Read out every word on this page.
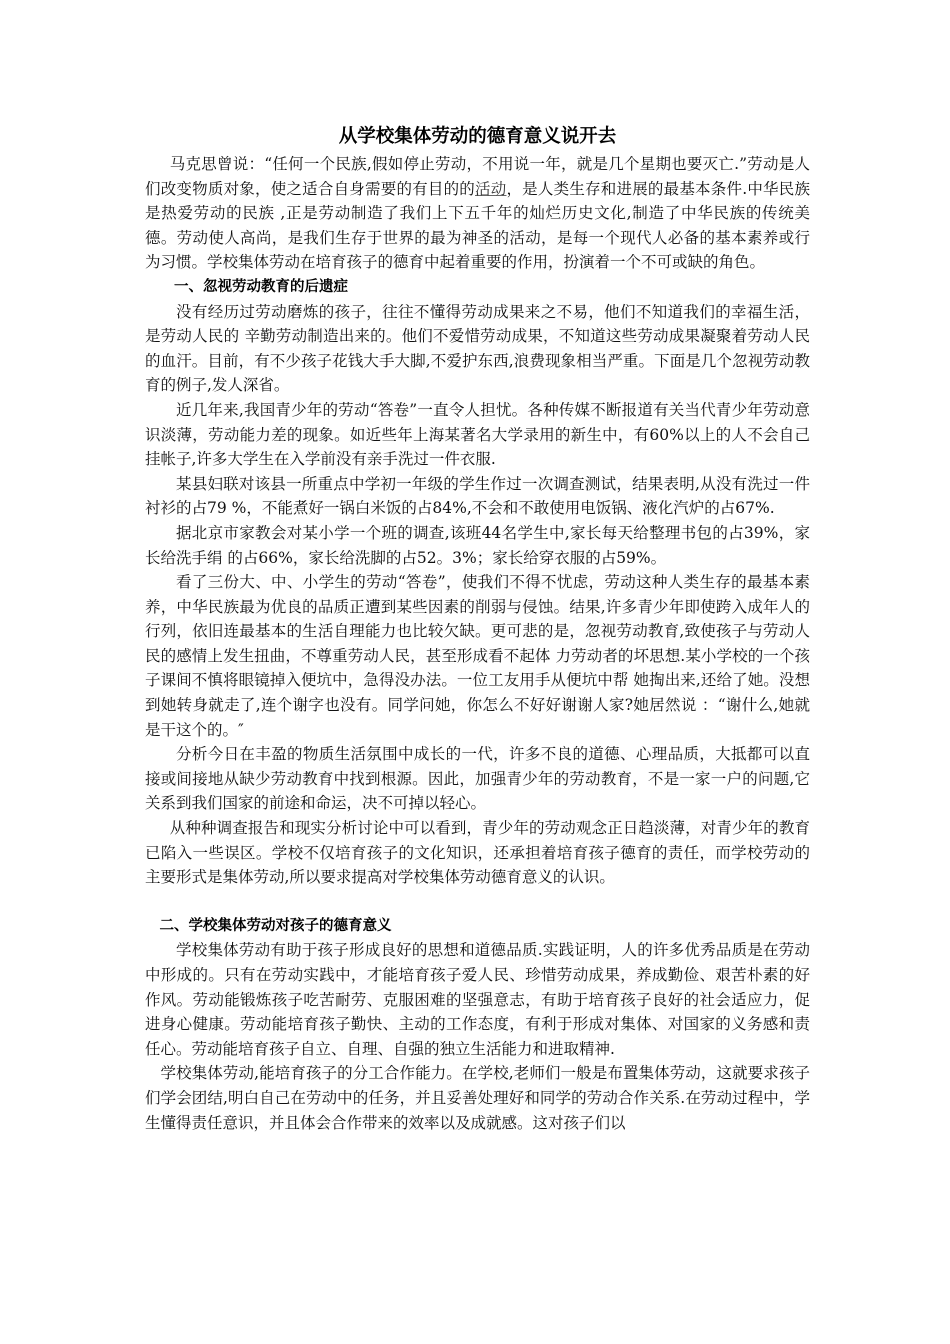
从学校集体劳动的德育意义说开去

马克思曾说：“任何一个民族,假如停止劳动，不用说一年，就是几个星期也要灭亡.”劳动是人们改变物质对象，使之适合自身需要的有目的的活动，是人类生存和进展的最基本条件.中华民族是热爱劳动的民族 ,正是劳动制造了我们上下五千年的灿烂历史文化,制造了中华民族的传统美德。劳动使人高尚，是我们生存于世界的最为神圣的活动，是每一个现代人必备的基本素养或行为习惯。学校集体劳动在培育孩子的德育中起着重要的作用，扮演着一个不可或缺的角色。

一、忽视劳动教育的后遗症

没有经历过劳动磨炼的孩子，往往不懂得劳动成果来之不易，他们不知道我们的幸福生活，是劳动人民的 辛勤劳动制造出来的。他们不爱惜劳动成果，不知道这些劳动成果凝聚着劳动人民的血汗。目前，有不少孩子花钱大手大脚,不爱护东西,浪费现象相当严重。下面是几个忽视劳动教育的例子,发人深省。

近几年来,我国青少年的劳动“答卷”一直令人担忧。各种传媒不断报道有关当代青少年劳动意识淡薄，劳动能力差的现象。如近些年上海某著名大学录用的新生中，有60%以上的人不会自己挂帐子,许多大学生在入学前没有亲手洗过一件衣服.

某县妇联对该县一所重点中学初一年级的学生作过一次调查测试，结果表明,从没有洗过一件衬衫的占79 %，不能煮好一锅白米饭的占84%,不会和不敢使用电饭锅、液化汽炉的占67%.

据北京市家教会对某小学一个班的调查,该班44名学生中,家长每天给整理书包的占39%，家长给洗手绢 的占66%，家长给洗脚的占52。3%；家长给穿衣服的占59%。

看了三份大、中、小学生的劳动“答卷”，使我们不得不忧虑，劳动这种人类生存的最基本素养，中华民族最为优良的品质正遭到某些因素的削弱与侵蚀。结果,许多青少年即使跨入成年人的行列，依旧连最基本的生活自理能力也比较欠缺。更可悲的是，忽视劳动教育,致使孩子与劳动人民的感情上发生扭曲，不尊重劳动人民，甚至形成看不起体 力劳动者的坏思想.某小学校的一个孩子课间不慎将眼镜掉入便坑中，急得没办法。一位工友用手从便坑中帮 她掏出来,还给了她。没想到她转身就走了,连个谢字也没有。同学问她，你怎么不好好谢谢人家?她居然说 ：“谢什么,她就是干这个的。″

分析今日在丰盈的物质生活氛围中成长的一代，许多不良的道德、心理品质，大抵都可以直接或间接地从缺少劳动教育中找到根源。因此，加强青少年的劳动教育，不是一家一户的问题,它关系到我们国家的前途和命运，决不可掉以轻心。

从种种调查报告和现实分析讨论中可以看到，青少年的劳动观念正日趋淡薄，对青少年的教育已陷入一些误区。学校不仅培育孩子的文化知识，还承担着培育孩子德育的责任，而学校劳动的主要形式是集体劳动,所以要求提高对学校集体劳动德育意义的认识。

二、学校集体劳动对孩子的德育意义

学校集体劳动有助于孩子形成良好的思想和道德品质.实践证明，人的许多优秀品质是在劳动中形成的。只有在劳动实践中，才能培育孩子爱人民、珍惜劳动成果，养成勤俭、艰苦朴素的好作风。劳动能锻炼孩子吃苦耐劳、克服困难的坚强意志，有助于培育孩子良好的社会适应力，促进身心健康。劳动能培育孩子勤快、主动的工作态度，有利于形成对集体、对国家的义务感和责任心。劳动能培育孩子自立、自理、自强的独立生活能力和进取精神.

学校集体劳动,能培育孩子的分工合作能力。在学校,老师们一般是布置集体劳动，这就要求孩子们学会团结,明白自己在劳动中的任务，并且妥善处理好和同学的劳动合作关系.在劳动过程中，学生懂得责任意识，并且体会合作带来的效率以及成就感。这对孩子们以
